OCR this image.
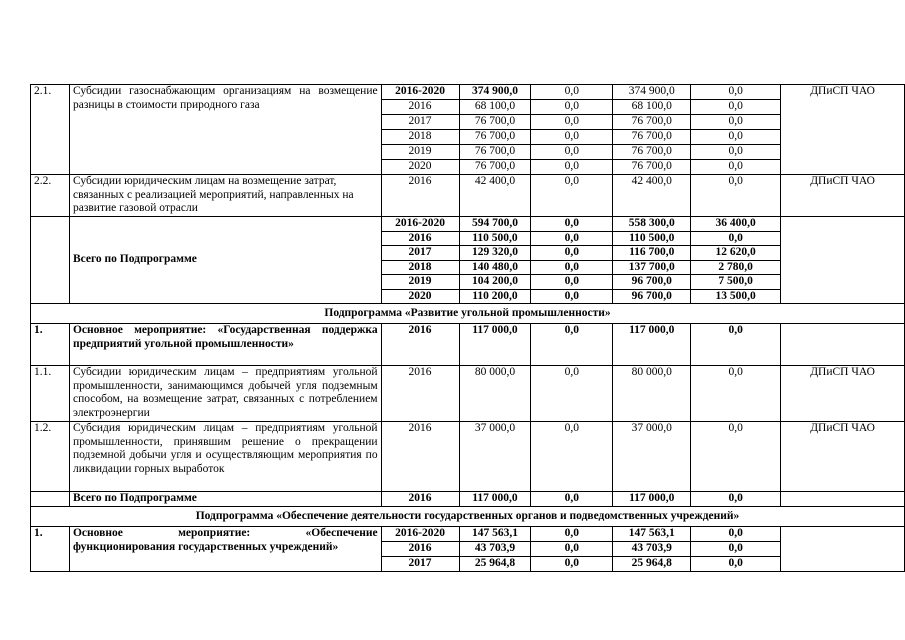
2.1.	Субсидии газоснабжающим организациям на возмещение разницы в стоимости природного газа	2016-2020	374 900,0	0,0	374 900,0	0,0	ДПиСП ЧАО
		2016	68 100,0	0,0	68 100,0	0,0	
		2017	76 700,0	0,0	76 700,0	0,0	
		2018	76 700,0	0,0	76 700,0	0,0	
		2019	76 700,0	0,0	76 700,0	0,0	
		2020	76 700,0	0,0	76 700,0	0,0	
2.2.	Субсидии юридическим лицам на возмещение затрат, связанных с реализацией мероприятий, направленных на развитие газовой отрасли	2016	42 400,0	0,0	42 400,0	0,0	ДПиСП ЧАО
	Всего по Подпрограмме	2016-2020	594 700,0	0,0	558 300,0	36 400,0	
		2016	110 500,0	0,0	110 500,0	0,0	
		2017	129 320,0	0,0	116 700,0	12 620,0	
		2018	140 480,0	0,0	137 700,0	2 780,0	
		2019	104 200,0	0,0	96 700,0	7 500,0	
		2020	110 200,0	0,0	96 700,0	13 500,0	
Подпрограмма «Развитие угольной промышленности»							
1.	Основное мероприятие: «Государственная поддержка предприятий угольной промышленности»	2016	117 000,0	0,0	117 000,0	0,0	
1.1.	Субсидии юридическим лицам – предприятиям угольной промышленности, занимающимся добычей угля подземным способом, на возмещение затрат, связанных с потреблением электроэнергии	2016	80 000,0	0,0	80 000,0	0,0	ДПиСП ЧАО
1.2.	Субсидия юридическим лицам – предприятиям угольной промышленности, принявшим решение о прекращении подземной добычи угля и осуществляющим мероприятия по ликвидации горных выработок	2016	37 000,0	0,0	37 000,0	0,0	ДПиСП ЧАО
	Всего по Подпрограмме	2016	117 000,0	0,0	117 000,0	0,0	
Подпрограмма «Обеспечение деятельности государственных органов и подведомственных учреждений»							
1.	Основное мероприятие: «Обеспечение функционирования государственных учреждений»	2016-2020	147 563,1	0,0	147 563,1	0,0	
		2016	43 703,9	0,0	43 703,9	0,0	
		2017	25 964,8	0,0	25 964,8	0,0	
